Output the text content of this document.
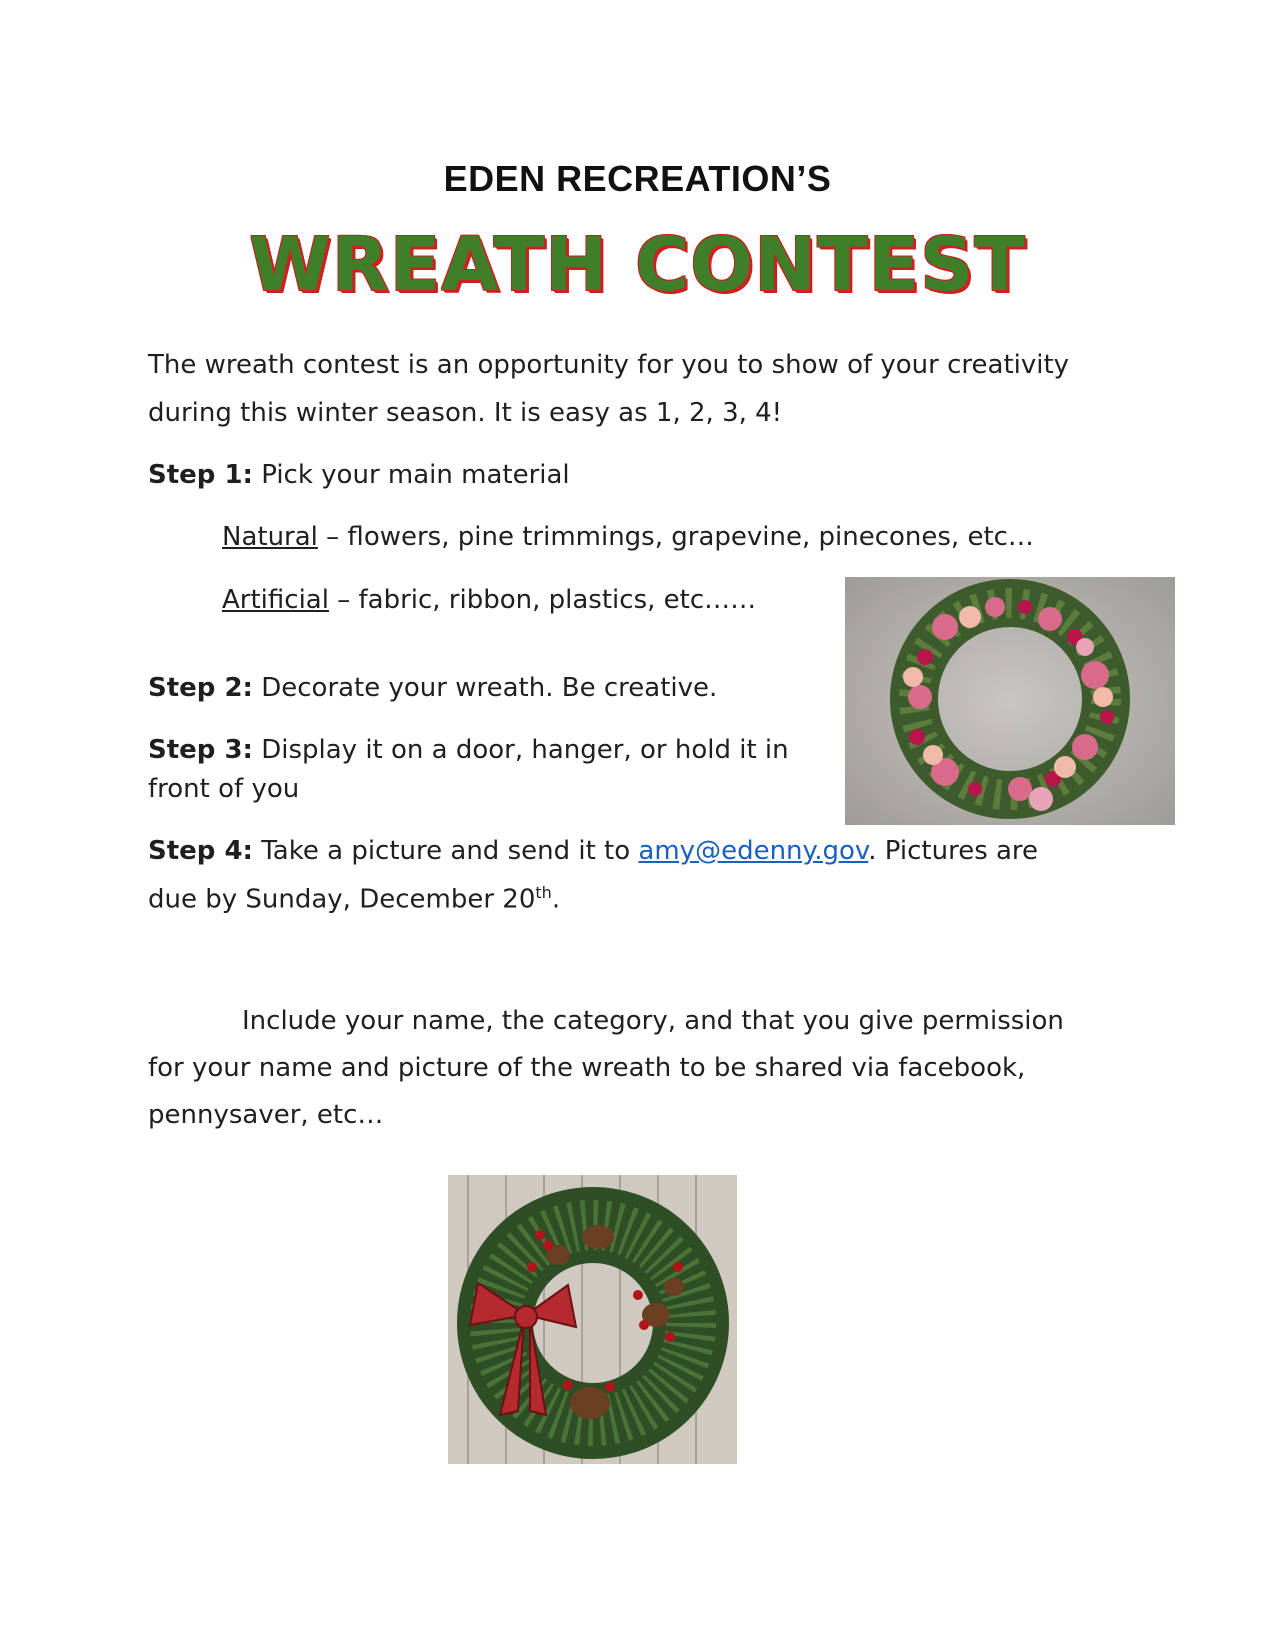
EDEN RECREATION’S
WREATH CONTEST
The wreath contest is an opportunity for you to show of your creativity
during this winter season. It is easy as 1, 2, 3, 4!
Step 1: Pick your main material
Natural – flowers, pine trimmings, grapevine, pinecones, etc…
Artificial – fabric, ribbon, plastics, etc……
Step 2: Decorate your wreath. Be creative.
Step 3: Display it on a door, hanger, or hold it in
front of you
Step 4: Take a picture and send it to amy@edenny.gov. Pictures are
due by Sunday, December 20th.
Include your name, the category, and that you give permission
for your name and picture of the wreath to be shared via facebook,
pennysaver, etc…
